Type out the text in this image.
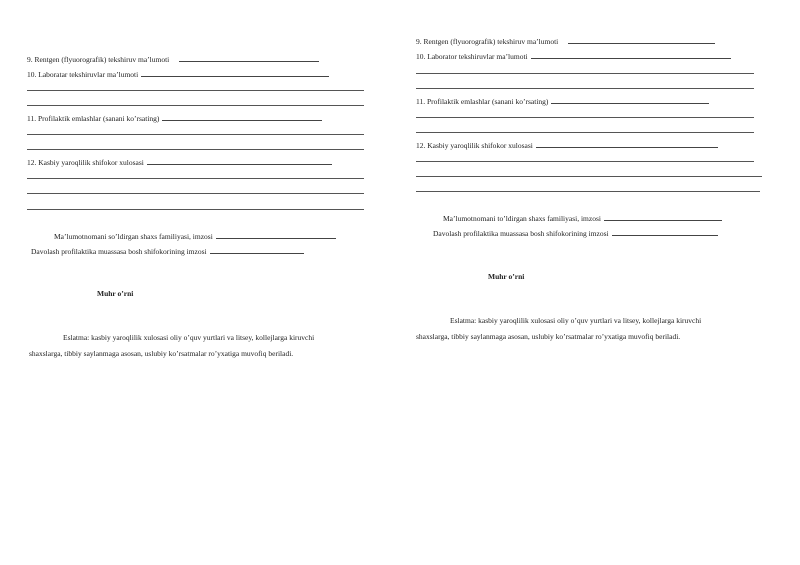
9. Rentgen (flyuorografik) tekshiruv ma’lumoti
10. Laboratar tekshiruvlar ma’lumoti
11. Profilaktik emlashlar (sanani ko’rsating)
12. Kasbiy yaroqlilik shifokor xulosasi
Ma’lumotnomani so’ldirgan shaxs familiyasi, imzosi
Davolash profilaktika muassasa bosh shifokorining imzosi
Muhr o’rni
Eslatma: kasbiy yaroqlilik xulosasi oliy o’quv yurtlari va litsey, kollejlarga kiruvchi
shaxslarga, tibbiy saylanmaga asosan, uslubiy ko’rsatmalar ro’yxatiga muvofiq beriladi.
9. Rentgen (flyuorografik) tekshiruv ma’lumoti
10. Laborator tekshiruvlar ma’lumoti
11. Profilaktik emlashlar (sanani ko’rsating)
12. Kasbiy yaroqlilik shifokor xulosasi
Ma’lumotnomani to’ldirgan shaxs familiyasi, imzosi
Davolash profilaktika muassasa bosh shifokorining imzosi
Muhr o’rni
Eslatma: kasbiy yaroqlilik xulosasi oliy o’quv yurtlari va litsey, kollejlarga kiruvchi
shaxslarga, tibbiy saylanmaga asosan, uslubiy ko’rsatmalar ro’yxatiga muvofiq beriladi.
